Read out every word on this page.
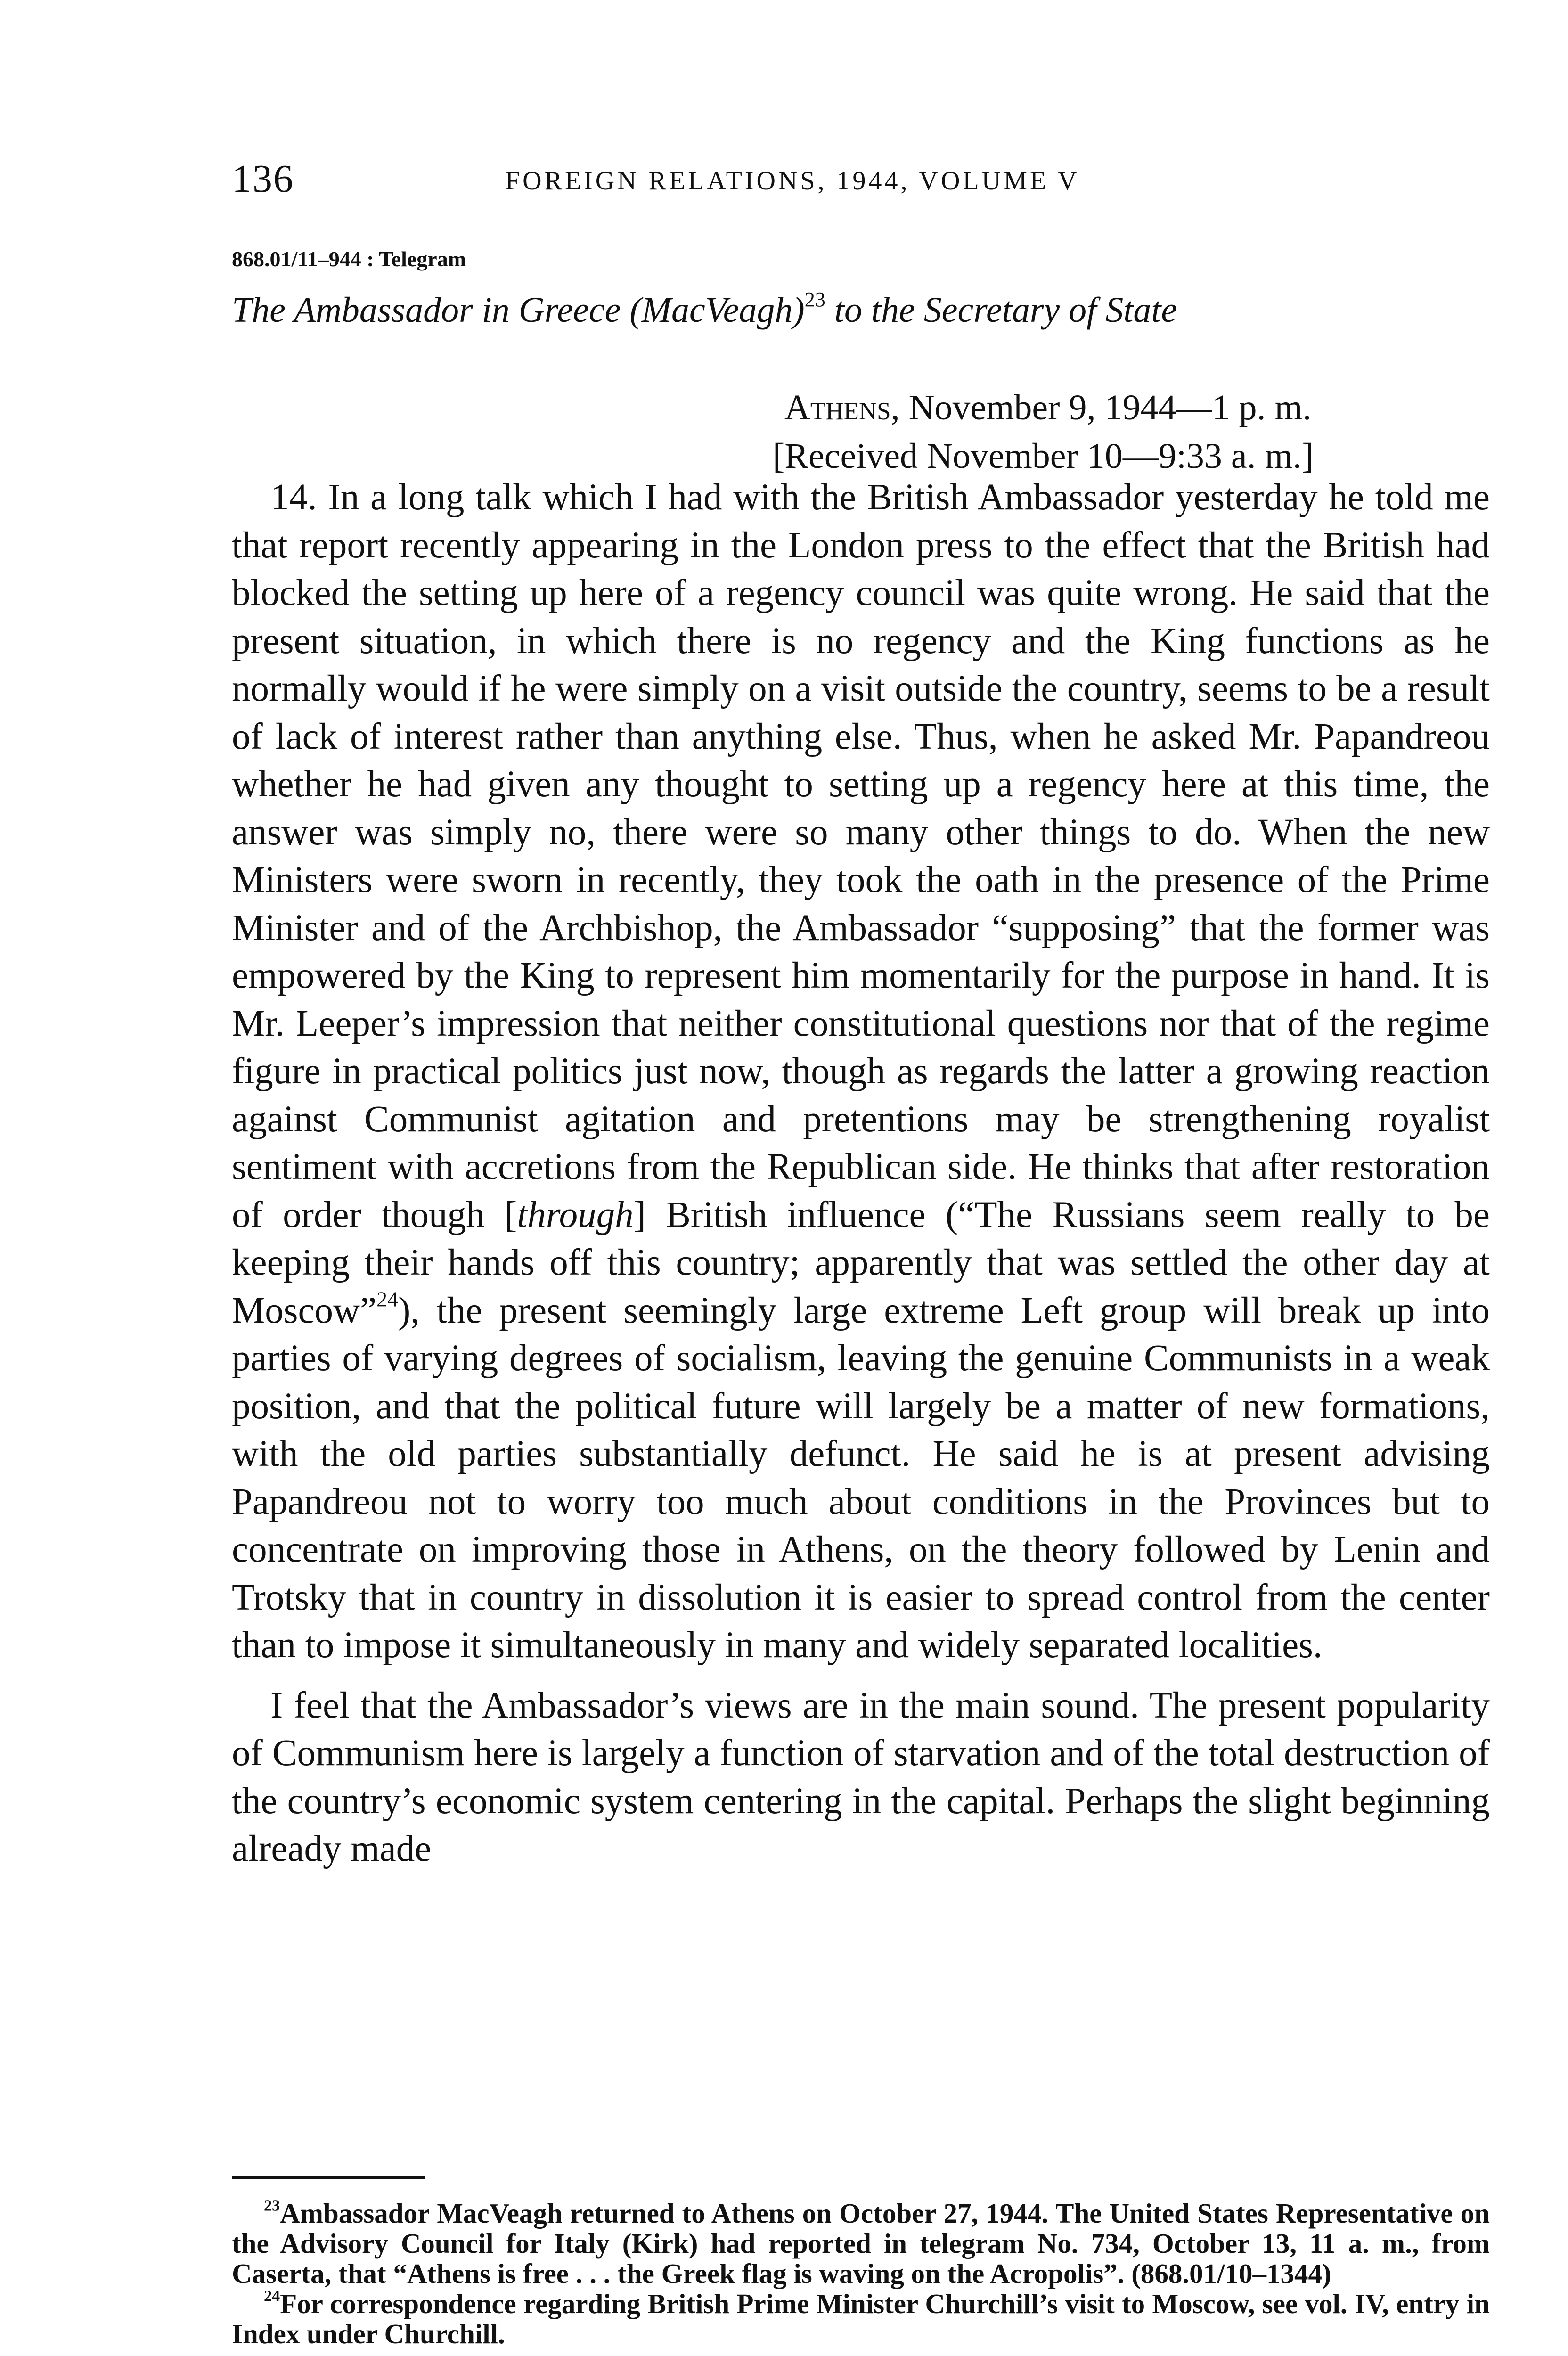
136	FOREIGN RELATIONS, 1944, VOLUME V
868.01/11–944 : Telegram
The Ambassador in Greece (MacVeagh)$^{23}$ to the Secretary of State
Athens, November 9, 1944—1 p. m.
[Received November 10—9:33 a. m.]

14. In a long talk which I had with the British Ambassador yesterday he told me that report recently appearing in the London press to the effect that the British had blocked the setting up here of a regency council was quite wrong. He said that the present situation, in which there is no regency and the King functions as he normally would if he were simply on a visit outside the country, seems to be a result of lack of interest rather than anything else. Thus, when he asked Mr. Papandreou whether he had given any thought to setting up a regency here at this time, the answer was simply no, there were so many other things to do. When the new Ministers were sworn in recently, they took the oath in the presence of the Prime Minister and of the Archbishop, the Ambassador “supposing” that the former was empowered by the King to represent him momentarily for the purpose in hand. It is Mr. Leeper’s impression that neither constitutional questions nor that of the regime figure in practical politics just now, though as regards the latter a growing reaction against Communist agitation and pretentions may be strengthening royalist sentiment with accretions from the Republican side. He thinks that after restoration of order though [through] British influence (“The Russians seem really to be keeping their hands off this country; apparently that was settled the other day at Moscow”$^{24}$), the present seemingly large extreme Left group will break up into parties of varying degrees of socialism, leaving the genuine Communists in a weak position, and that the political future will largely be a matter of new formations, with the old parties substantially defunct. He said he is at present advising Papandreou not to worry too much about conditions in the Provinces but to concentrate on improving those in Athens, on the theory followed by Lenin and Trotsky that in country in dissolution it is easier to spread control from the center than to impose it simultaneously in many and widely separated localities.

I feel that the Ambassador’s views are in the main sound. The present popularity of Communism here is largely a function of starvation and of the total destruction of the country’s economic system centering in the capital. Perhaps the slight beginning already made

$^{23}$Ambassador MacVeagh returned to Athens on October 27, 1944. The United States Representative on the Advisory Council for Italy (Kirk) had reported in telegram No. 734, October 13, 11 a. m., from Caserta, that “Athens is free . . . the Greek flag is waving on the Acropolis”. (868.01/10–1344)

$^{24}$For correspondence regarding British Prime Minister Churchill’s visit to Moscow, see vol. IV, entry in Index under Churchill.
